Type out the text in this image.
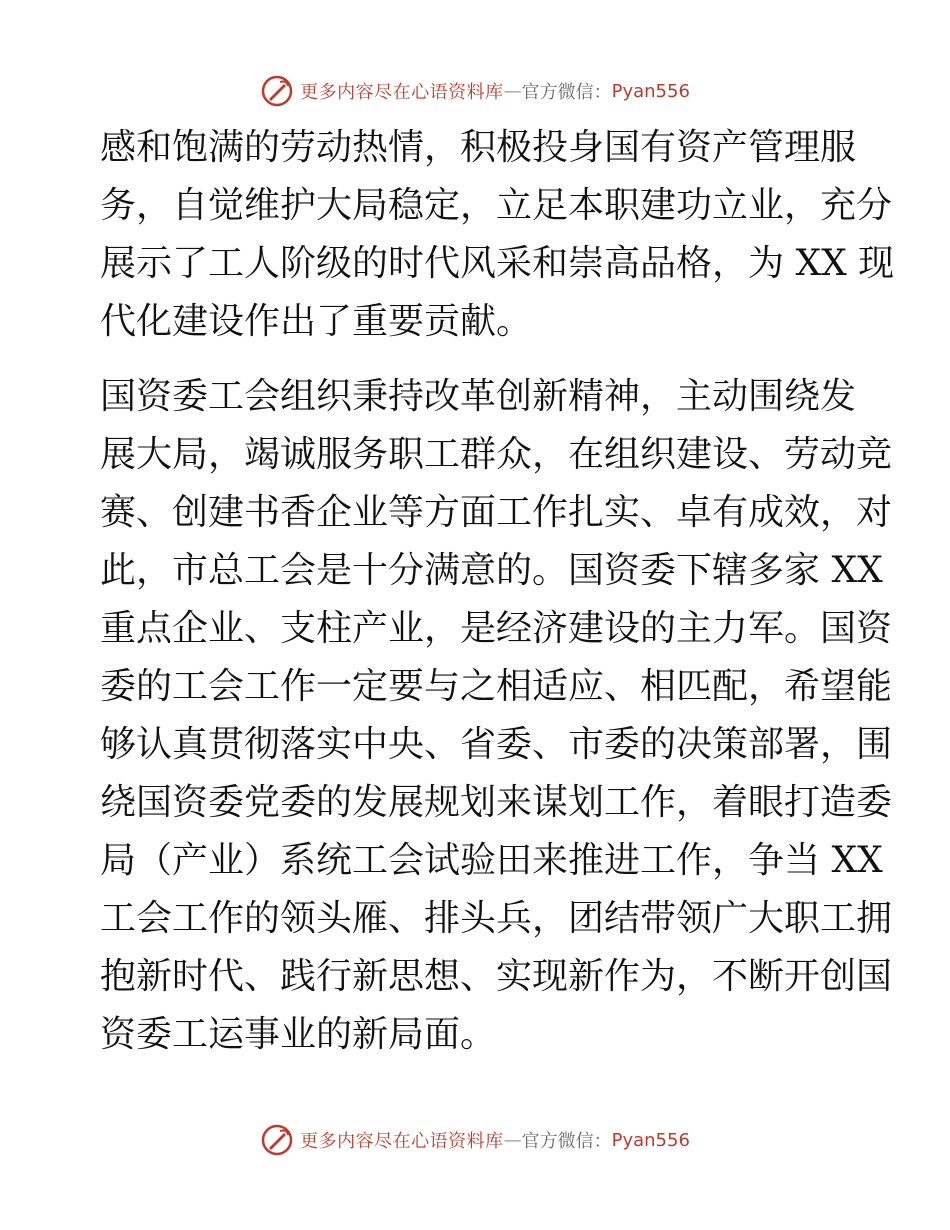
更多内容尽在心语资料库 — 官方微信： Pyan556
感和饱满的劳动热情，积极投身国有资产管理服
务，自觉维护大局稳定，立足本职建功立业，充分
展示了工人阶级的时代风采和崇高品格，为 XX 现
代化建设作出了重要贡献。
国资委工会组织秉持改革创新精神，主动围绕发
展大局，竭诚服务职工群众，在组织建设、劳动竞
赛、创建书香企业等方面工作扎实、卓有成效，对
此，市总工会是十分满意的。国资委下辖多家 XX
重点企业、支柱产业，是经济建设的主力军。国资
委的工会工作一定要与之相适应、相匹配，希望能
够认真贯彻落实中央、省委、市委的决策部署，围
绕国资委党委的发展规划来谋划工作，着眼打造委
局（产业）系统工会试验田来推进工作，争当 XX
工会工作的领头雁、排头兵，团结带领广大职工拥
抱新时代、践行新思想、实现新作为，不断开创国
资委工运事业的新局面。
更多内容尽在心语资料库 — 官方微信： Pyan556
